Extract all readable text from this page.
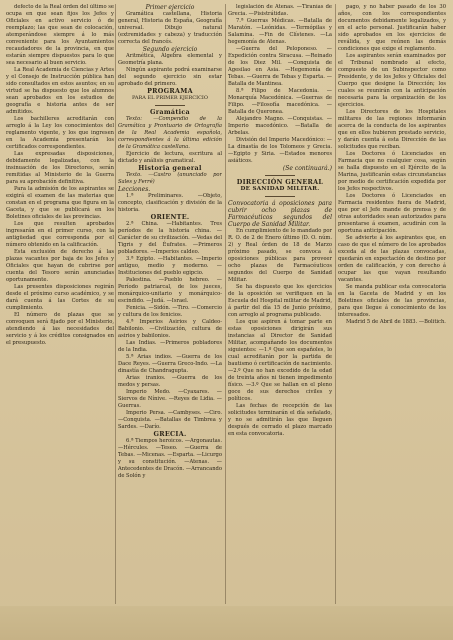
defecto de la Real órden del último se ocupa en que sean fijos los Jefes y Oficiales en activo servicio ó de reemplazo; las que sean de colocación, atemperándose siempre á lo más conveniente para los Ayuntamientos recaudadores de la provincia, en que estarán siempre dispuestos para lo que sea necesario al buen servicio.

La Real Academia de Ciencias y Artes y el Consejo de Instrucción pública han sido consultados en estos asuntos; en su virtud se ha dispuesto que los alumnos sean aprobados en los estudios de geografía e historia antes de ser admitidos.

Los bachilleres acreditarán con arreglo á la Ley los conocimientos del reglamento vigente, y los que ingresen en la Academia presentarán los certificados correspondientes.

Las expresadas disposiciones, debidamente legalizadas, con la insinuación de los Directores, serán remitidas al Ministerio de la Guerra para su aprobación definitiva.

Para la admisión de los aspirantes se exigirá el examen de las materias que constan en el programa que figura en la Gaceta, y que se publicará en los Boletines oficiales de las provincias.

Los que resulten aprobados ingresarán en el primer curso, con la antigüedad que corresponda por el número obtenido en la calificación.

Esta exclusión de derecho á las plazas vacantes por baja de los Jefes y Oficiales que hayan de cubrirse por cuenta del Tesoro serán anunciadas oportunamente.

Las presentes disposiciones regirán desde el próximo curso académico, y se dará cuenta á las Cortes de su cumplimiento.

El número de plazas que se convoquen será fijado por el Ministerio, atendiendo á las necesidades del servicio y á los créditos consignados en el presupuesto.

Primer ejercicio

Gramática castellana, Historia general, Historia de España, Geografía universal. Dibujo natural (extremidades y cabeza) y traducción correcta del francés.

Segundo ejercicio

Aritmética, Álgebra elemental y Geometría plana.

Ningún aspirante podrá examinarse del segundo ejercicio sin estar aprobado del primero.

PROGRAMA

PARA EL PRIMER EJERCICIO

Gramática

Texto: —Compendio de la Gramática y Prontuario de Ortografía de la Real Academia española, correspondientes á la última edición de la Gramática castellana.

Ejercicio de lectura, escritura al dictado y análisis gramatical.

Historia general

Texto. —Castro (anunciado por Sales y Ferré)

Lecciones.

1.ª Preliminares. —Objeto, concepto, clasificación y división de la historia.

ORIENTE.

2.ª China. —Habitantes. Tres períodos de la historia china. —Carácter de su civilización. —Vedas del Tigris y del Éufrates. —Primeros pobladores. —Imperios caldeo.

3.ª Egipto. —Habitantes. —Imperio antiguo, medio y moderno. —Instituciones del pueblo egipcio.

Palestina. —Pueblo hebreo. —Período patriarcal, de los jueces, monárquico-unitario y monárquico-escindido. —Judá. —Israel.

Fenicia. —Sidón. —Tiro. —Comercio y cultura de los fenicios.

4.ª Imperios Asirios y Caldeo-Babilonio. —Civilización, cultura de asirios y babilonios.

Las Indias. —Primeros pobladores de la India.

5.ª Arias indios. —Guerra de los Dace Reyes. —Guerra Greco-Indo. —La dinastía de Chandragupta.

Arias iranios. —Guerra de los medos y persas.

Imperio Medo. —Cyaxares. —Siervos de Nínive. —Reyes de Lidia. —Guerras.

Imperio Persa. —Cambyses. —Ciro. —Conquista. —Batallas de Timbrea y Sardes. —Darío.

GRECIA.

6.ª Tiempos heroicos. —Argonautas. —Hércules. —Teseo. —Guerra de Tebas. —Micenas. —Esparta. —Licurgo y su constitución. —Atenas. —Antecedentes de Dracón. —Arrancando de Solón y

legislación de Atenas. —Tiranías de Grecia. —Pisistrátidas.

7.ª Guerras Médicas. —Batalla de Maratón. —Leónidas. —Termópilas y Salamina. —Fin de Clístenes. —La hegemonía de Atenas.

—Guerra del Peloponeso. —Expedición contra Siracusa. —Reinado de los Diez Mil. —Conquista de Agesilao en Asia. —Hegemonía de Tebas. —Guerra de Tebas y Esparta. —Batalla de Mantinea.

8.ª Filipo de Macedonia. —Monarquía Macedónica. —Guerras de Filipo. —Filosofía macedónica. —Batalla de Queronea.

Alejandro Magno. —Conquistas. —Imperio macedónico. —Batalla de Arbelas.

División del Imperio Macedónico: —La dinastía de los Tolomeos y Grecia. —Egipto y Siria. —Estados menores asiáticos.

(Se continuará.)

DIRECCIÓN GENERAL

DE SANIDAD MILITAR.

Convocatoria á oposiciones para cubrir ocho plazas de Farmacéuticos segundos del Cuerpo de Sanidad Militar.

En cumplimiento de lo mandado por R. O. de 2 de Enero último (D. O. núm. 2) y Real órden de 18 de Marzo próximo pasado, se convoca á oposiciones públicas para proveer ocho plazas de Farmacéuticos segundos del Cuerpo de Sanidad Militar.

Se ha dispuesto que los ejercicios de la oposición se verifiquen en la Escuela del Hospital militar de Madrid, á partir del día 15 de Junio próximo, con arreglo al programa publicado.

Los que aspiren á tomar parte en estas oposiciones dirigirán sus instancias al Director de Sanidad Militar, acompañando los documentos siguientes: —1.º Que son españoles, lo cual acreditarán por la partida de bautismo ó certificación de nacimiento. —2.º Que no han excedido de la edad de treinta años ni tienen impedimento físico. —3.º Que se hallan en el pleno goce de sus derechos civiles y políticos.

Las fechas de recepción de las solicitudes terminarán el día señalado, y no se admitirán las que lleguen después de cerrado el plazo marcado en esta convocatoria.

pago, y no haber pasado de los 30 años, con los correspondientes documentos debidamente legalizados, y en el acto personal. Justificarán haber sido aprobados en los ejercicios de reválida, y que reúnen las demás condiciones que exige el reglamento.

Los aspirantes serán examinados por el Tribunal nombrado al efecto, compuesto de un Subinspector como Presidente, y de los Jefes y Oficiales del Cuerpo que designe la Dirección; los cuales se reunirán con la anticipación necesaria para la organización de los ejercicios.

Los Directores de los Hospitales militares de las regiones informarán acerca de la conducta de los aspirantes que en ellos hubieren prestado servicio, y darán cuenta á esta Dirección de las solicitudes que reciban.

Los Doctores ó Licenciados en Farmacia que no cualquier cosa, según se halla dispuesto en el Ejército de la Marina, justificarán estas circunstancias por medio de certificación expedida por los Jefes respectivos.

Los Doctores ó Licenciados en Farmacia residentes fuera de Madrid, que por el Jefe mande de prensa y de otras autoridades sean autorizados para presentarse á examen, acudirán con la oportuna anticipación.

Se advierte á los aspirantes que, en caso de que el número de los aprobados exceda al de las plazas convocadas, quedarán en expectación de destino por orden de calificación, y con derecho á ocupar las que vayan resultando vacantes.

Se manda publicar esta convocatoria en la Gaceta de Madrid y en los Boletines oficiales de las provincias, para que llegue á conocimiento de los interesados.

Madrid 5 de Abril de 1883. —Bolitich.
